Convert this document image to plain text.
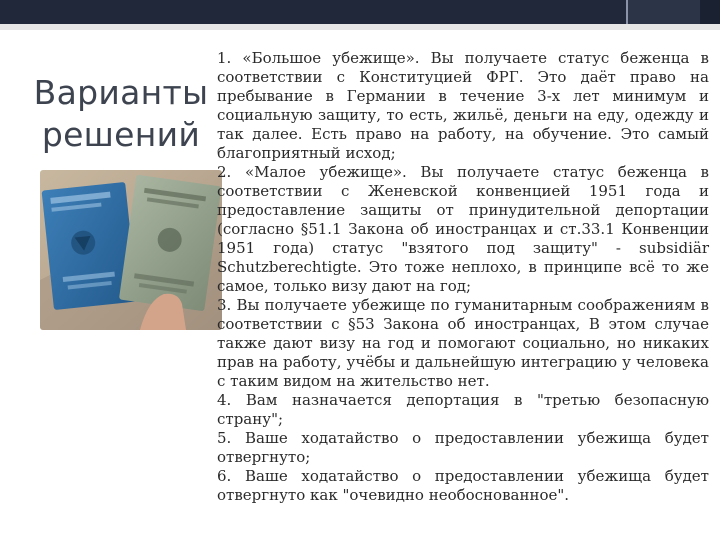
Варианты
решений

1. «Большое убежище». Вы получаете статус беженца в соответствии с Конституцией ФРГ. Это даёт право на пребывание в Германии в течение 3-х лет минимум и социальную защиту, то есть, жильё, деньги на еду, одежду и так далее. Есть право на работу, на обучение. Это самый благоприятный исход;

2. «Малое убежище». Вы получаете статус беженца в соответствии с Женевской конвенцией 1951 года и предоставление защиты от принудительной депортации (согласно §51.1 Закона об иностранцах и ст.33.1 Конвенции 1951 года) статус "взятого под защиту" - subsidiär Schutzberechtigte. Это тоже неплохо, в принципе всё то же самое, только визу дают на год;

3. Вы получаете убежище по гуманитарным соображениям в соответствии с §53 Закона об иностранцах, В этом случае также дают визу на год и помогают социально, но никаких прав на работу, учёбы и дальнейшую интеграцию у человека с таким видом на жительство нет.

4. Вам назначается депортация в "третью безопасную страну";

5. Ваше ходатайство о предоставлении убежища будет отвергнуто;

6. Ваше ходатайство о предоставлении убежища будет отвергнуто как "очевидно необоснованное".
